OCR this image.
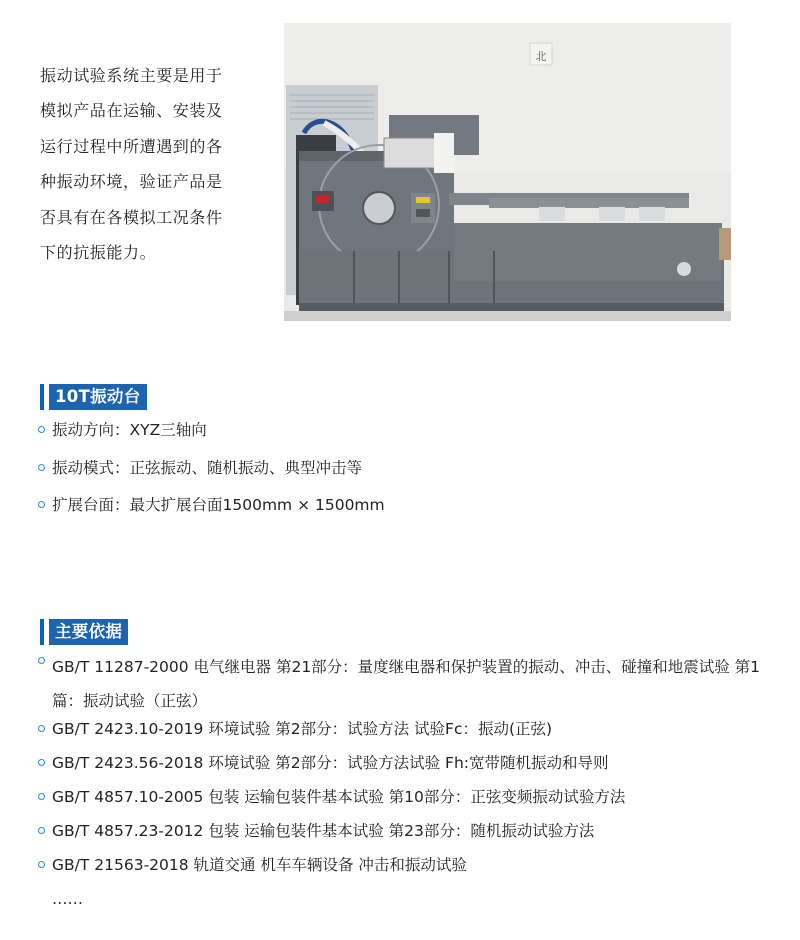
振动试验系统主要是用于
模拟产品在运输、安装及
运行过程中所遭遇到的各
种振动环境，验证产品是
否具有在各模拟工况条件
下的抗振能力。
北
10T振动台
振动方向：XYZ三轴向
振动模式：正弦振动、随机振动、典型冲击等
扩展台面：最大扩展台面1500mm × 1500mm
主要依据
GB/T 11287-2000 电气继电器 第21部分：量度继电器和保护装置的振动、冲击、碰撞和地震试验 第1篇：振动试验（正弦）
GB/T 2423.10-2019 环境试验 第2部分：试验方法 试验Fc：振动(正弦)
GB/T 2423.56-2018 环境试验 第2部分：试验方法试验 Fh:宽带随机振动和导则
GB/T 4857.10-2005 包装 运输包装件基本试验 第10部分：正弦变频振动试验方法
GB/T 4857.23-2012 包装 运输包装件基本试验 第23部分：随机振动试验方法
GB/T 21563-2018 轨道交通 机车车辆设备 冲击和振动试验
……
